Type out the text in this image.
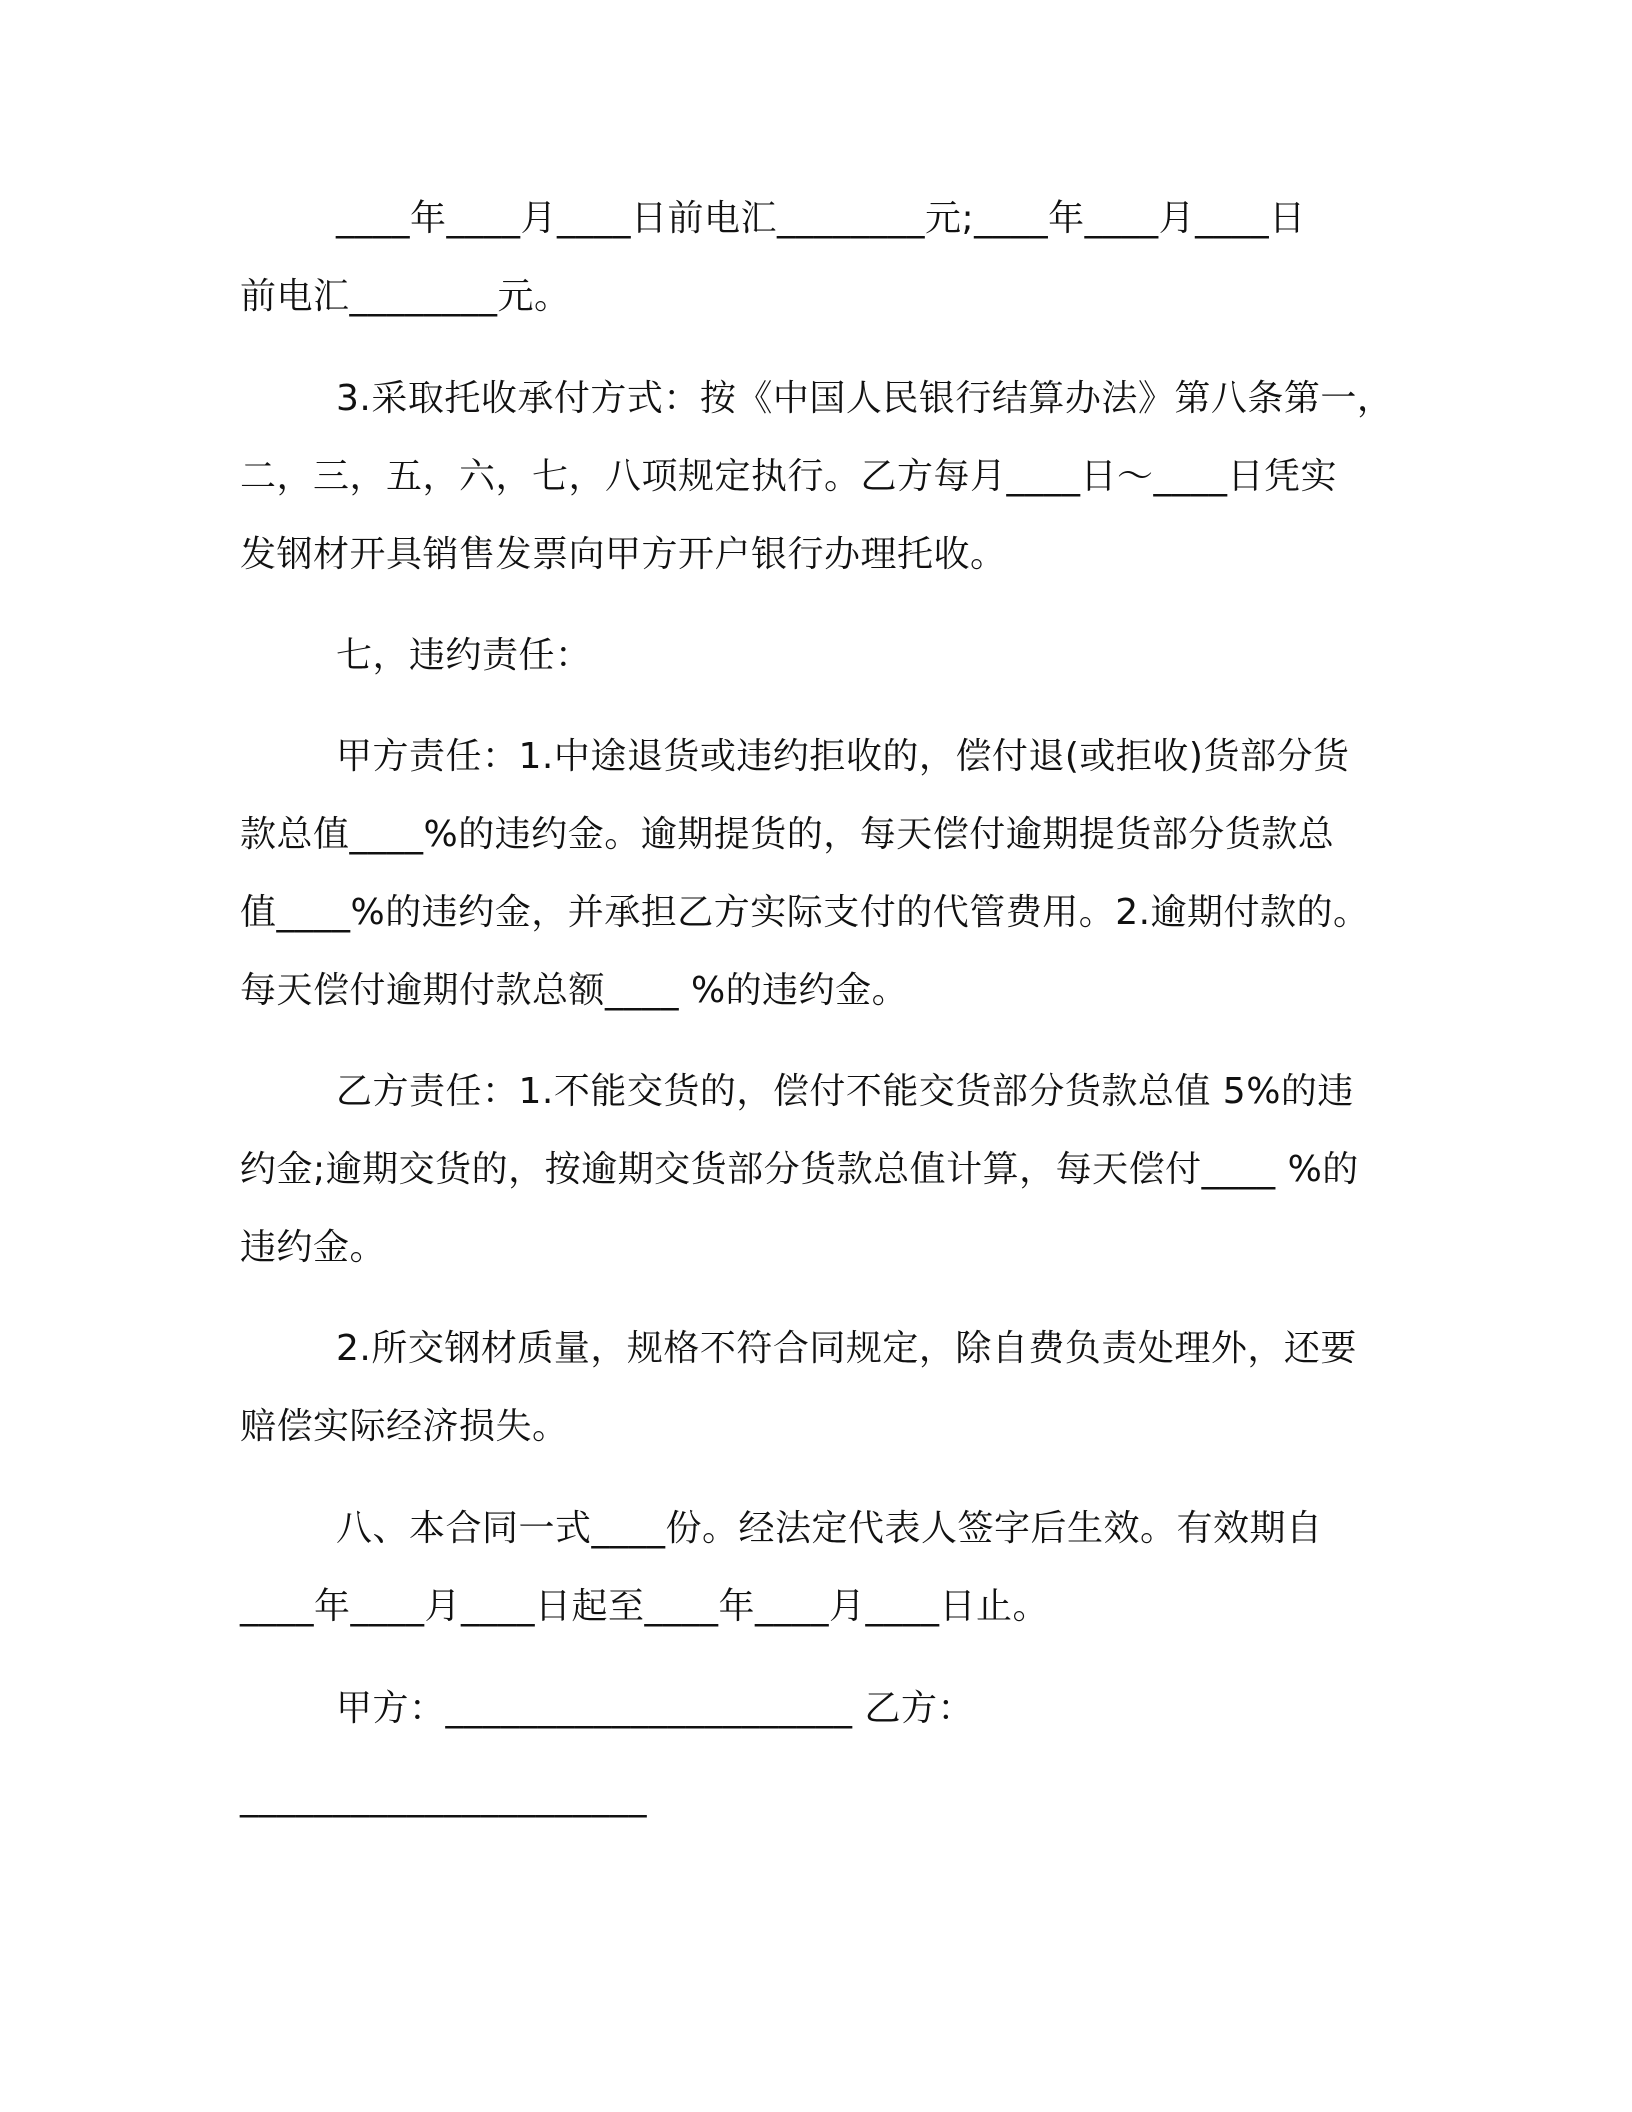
____年____月____日前电汇________元;____年____月____日
前电汇________元。
3.采取托收承付方式：按《中国人民银行结算办法》第八条第一，
二，三，五，六，七，八项规定执行。乙方每月____日～____日凭实
发钢材开具销售发票向甲方开户银行办理托收。
七，违约责任：
甲方责任：1.中途退货或违约拒收的，偿付退(或拒收)货部分货
款总值____%的违约金。逾期提货的，每天偿付逾期提货部分货款总
值____%的违约金，并承担乙方实际支付的代管费用。2.逾期付款的。
每天偿付逾期付款总额____ %的违约金。
乙方责任：1.不能交货的，偿付不能交货部分货款总值 5%的违
约金;逾期交货的，按逾期交货部分货款总值计算，每天偿付____ %的
违约金。
2.所交钢材质量，规格不符合同规定，除自费负责处理外，还要
赔偿实际经济损失。
八、本合同一式____份。经法定代表人签字后生效。有效期自
____年____月____日起至____年____月____日止。
甲方：______________________ 乙方：
______________________
